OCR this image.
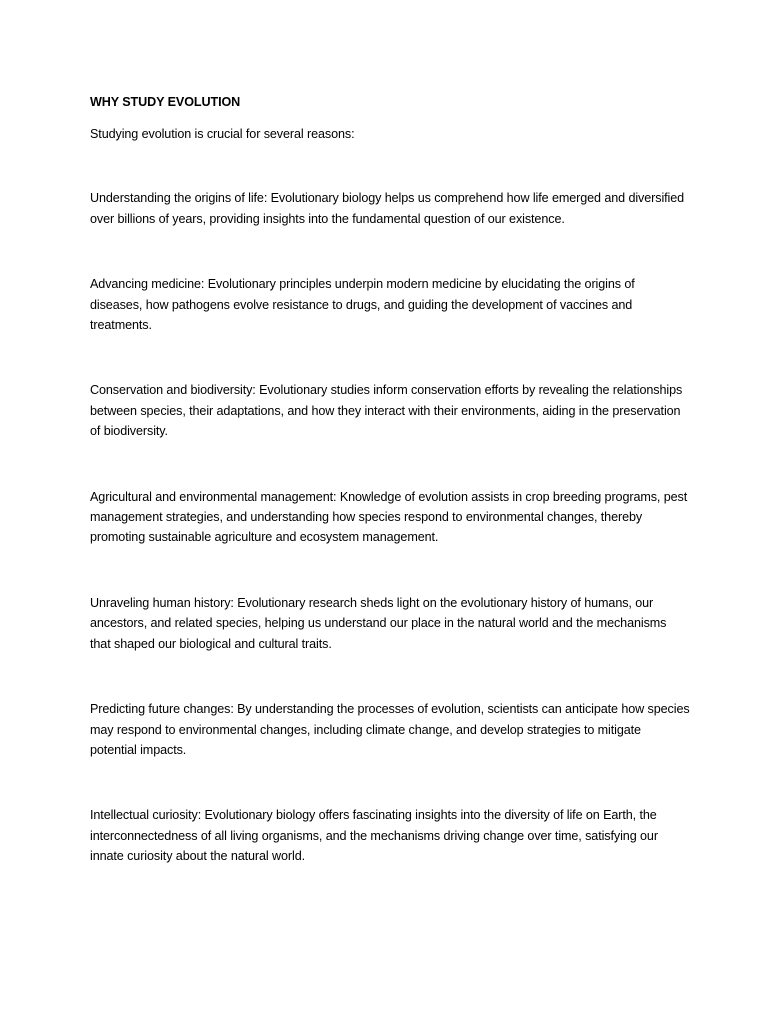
WHY STUDY EVOLUTION

Studying evolution is crucial for several reasons:

Understanding the origins of life: Evolutionary biology helps us comprehend how life emerged and diversified over billions of years, providing insights into the fundamental question of our existence.

Advancing medicine: Evolutionary principles underpin modern medicine by elucidating the origins of diseases, how pathogens evolve resistance to drugs, and guiding the development of vaccines and treatments.

Conservation and biodiversity: Evolutionary studies inform conservation efforts by revealing the relationships between species, their adaptations, and how they interact with their environments, aiding in the preservation of biodiversity.

Agricultural and environmental management: Knowledge of evolution assists in crop breeding programs, pest management strategies, and understanding how species respond to environmental changes, thereby promoting sustainable agriculture and ecosystem management.

Unraveling human history: Evolutionary research sheds light on the evolutionary history of humans, our ancestors, and related species, helping us understand our place in the natural world and the mechanisms that shaped our biological and cultural traits.

Predicting future changes: By understanding the processes of evolution, scientists can anticipate how species may respond to environmental changes, including climate change, and develop strategies to mitigate potential impacts.

Intellectual curiosity: Evolutionary biology offers fascinating insights into the diversity of life on Earth, the interconnectedness of all living organisms, and the mechanisms driving change over time, satisfying our innate curiosity about the natural world.
